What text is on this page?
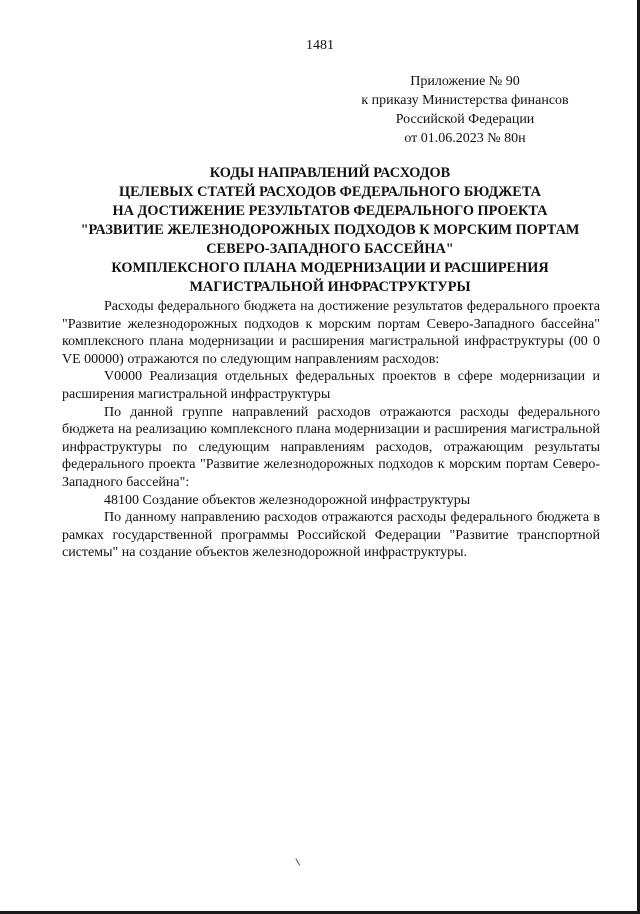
1481
Приложение № 90
к приказу Министерства финансов
Российской Федерации
от 01.06.2023 № 80н
КОДЫ НАПРАВЛЕНИЙ РАСХОДОВ
ЦЕЛЕВЫХ СТАТЕЙ РАСХОДОВ ФЕДЕРАЛЬНОГО БЮДЖЕТА
НА ДОСТИЖЕНИЕ РЕЗУЛЬТАТОВ ФЕДЕРАЛЬНОГО ПРОЕКТА
"РАЗВИТИЕ ЖЕЛЕЗНОДОРОЖНЫХ ПОДХОДОВ К МОРСКИМ ПОРТАМ
СЕВЕРО-ЗАПАДНОГО БАССЕЙНА"
КОМПЛЕКСНОГО ПЛАНА МОДЕРНИЗАЦИИ И РАСШИРЕНИЯ
МАГИСТРАЛЬНОЙ ИНФРАСТРУКТУРЫ

Расходы федерального бюджета на достижение результатов федерального проекта "Развитие железнодорожных подходов к морским портам Северо-Западного бассейна" комплексного плана модернизации и расширения магистральной инфраструктуры (00 0 VE 00000) отражаются по следующим направлениям расходов:

V0000 Реализация отдельных федеральных проектов в сфере модернизации и расширения магистральной инфраструктуры

По данной группе направлений расходов отражаются расходы федерального бюджета на реализацию комплексного плана модернизации и расширения магистральной инфраструктуры по следующим направлениям расходов, отражающим результаты федерального проекта "Развитие железнодорожных подходов к морским портам Северо-Западного бассейна":

48100 Создание объектов железнодорожной инфраструктуры

По данному направлению расходов отражаются расходы федерального бюджета в рамках государственной программы Российской Федерации "Развитие транспортной системы" на создание объектов железнодорожной инфраструктуры.
